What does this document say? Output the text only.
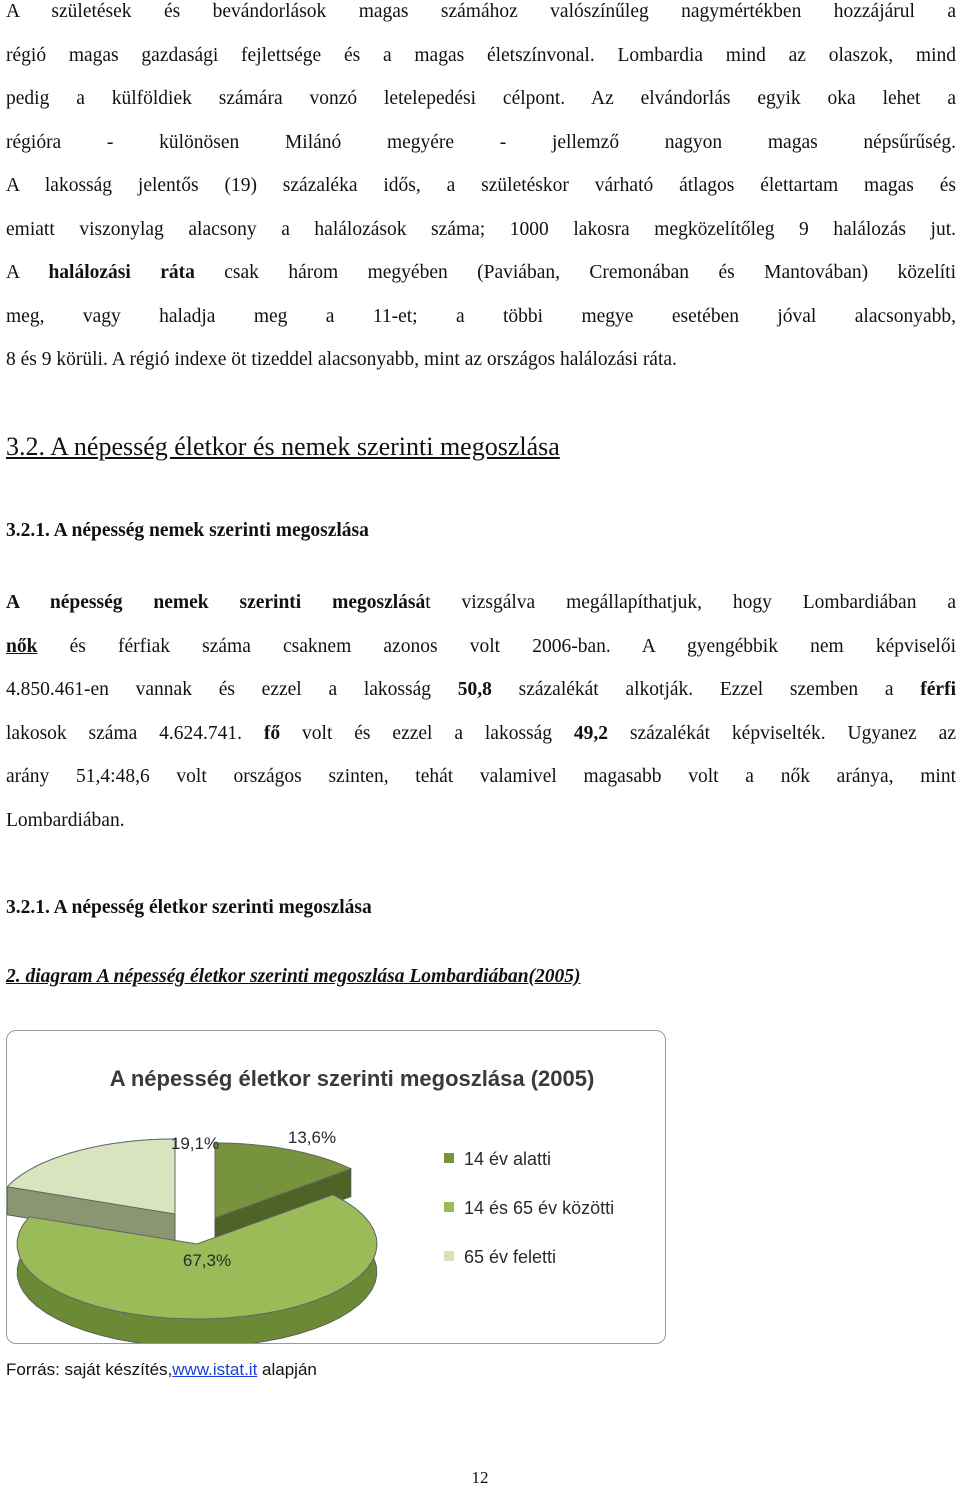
A születések és bevándorlások magas számához valószínűleg nagymértékben hozzájárul a
régió magas gazdasági fejlettsége és a magas életszínvonal. Lombardia mind az olaszok, mind
pedig a külföldiek számára vonzó letelepedési célpont. Az elvándorlás egyik oka lehet a
régióra - különösen Milánó megyére - jellemző nagyon magas népsűrűség.
A lakosság jelentős (19) százaléka idős, a születéskor várható átlagos élettartam magas és
emiatt viszonylag alacsony a halálozások száma; 1000 lakosra megközelítőleg 9 halálozás jut.
A halálozási ráta csak három megyében (Paviában, Cremonában és Mantovában) közelíti
meg, vagy haladja meg a 11-et; a többi megye esetében jóval alacsonyabb,
8 és 9 körüli. A régió indexe öt tizeddel alacsonyabb, mint az országos halálozási ráta.
3.2. A népesség életkor és nemek szerinti megoszlása
3.2.1. A népesség nemek szerinti megoszlása
A népesség nemek szerinti megoszlását vizsgálva megállapíthatjuk, hogy Lombardiában a
nők és férfiak száma csaknem azonos volt 2006-ban. A gyengébbik nem képviselői
4.850.461-en vannak és ezzel a lakosság 50,8 százalékát alkotják. Ezzel szemben a férfi
lakosok száma 4.624.741. fő volt és ezzel a lakosság 49,2 százalékát képviselték. Ugyanez az
arány 51,4:48,6 volt országos szinten, tehát valamivel magasabb volt a nők aránya, mint
Lombardiában.
3.2.1. A népesség életkor szerinti megoszlása
2. diagram A népesség életkor szerinti megoszlása Lombardiában(2005)
A népesség életkor szerinti megoszlása (2005)
13,6%
67,3%
19,1%
14 év alatti
14 és 65 év közötti
65 év feletti
Forrás: saját készítés,www.istat.it alapján
12
